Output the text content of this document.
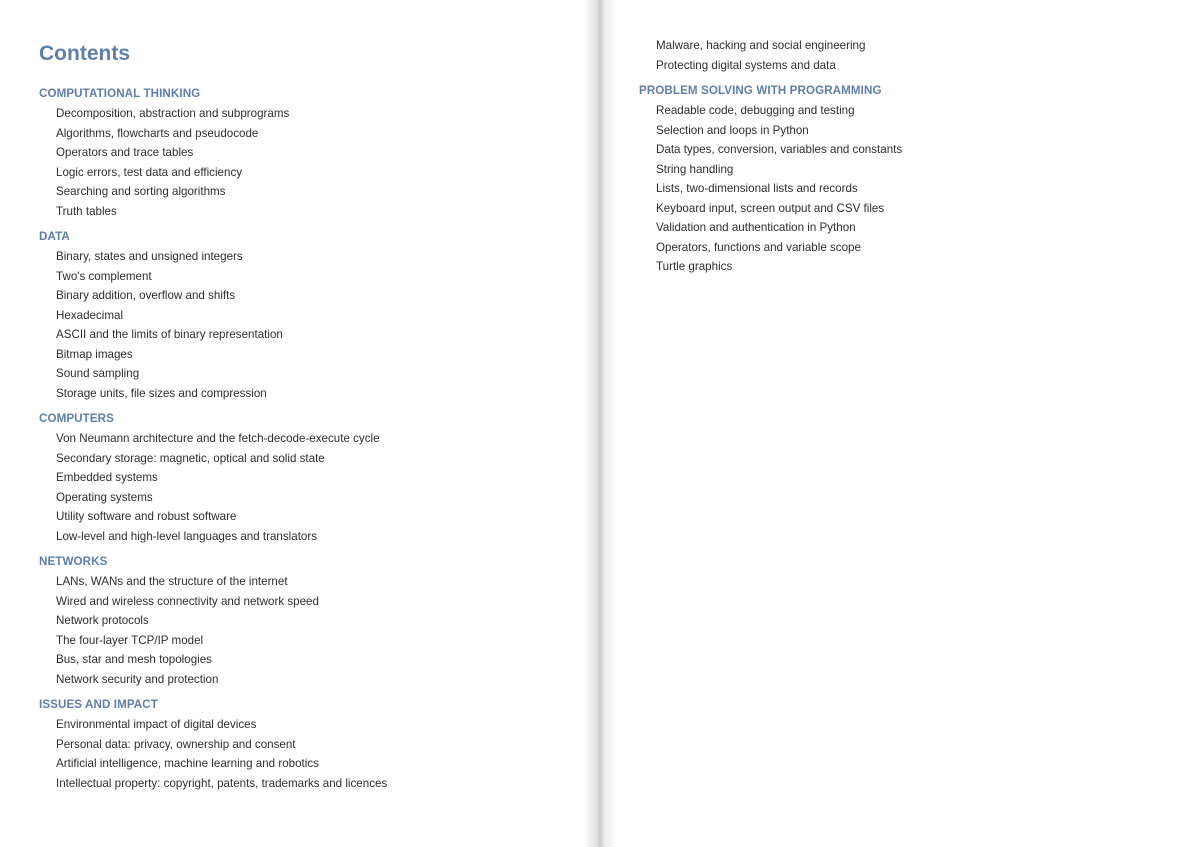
Contents
COMPUTATIONAL THINKING
Decomposition, abstraction and subprograms
Algorithms, flowcharts and pseudocode
Operators and trace tables
Logic errors, test data and efficiency
Searching and sorting algorithms
Truth tables
DATA
Binary, states and unsigned integers
Two's complement
Binary addition, overflow and shifts
Hexadecimal
ASCII and the limits of binary representation
Bitmap images
Sound sampling
Storage units, file sizes and compression
COMPUTERS
Von Neumann architecture and the fetch-decode-execute cycle
Secondary storage: magnetic, optical and solid state
Embedded systems
Operating systems
Utility software and robust software
Low-level and high-level languages and translators
NETWORKS
LANs, WANs and the structure of the internet
Wired and wireless connectivity and network speed
Network protocols
The four-layer TCP/IP model
Bus, star and mesh topologies
Network security and protection
ISSUES AND IMPACT
Environmental impact of digital devices
Personal data: privacy, ownership and consent
Artificial intelligence, machine learning and robotics
Intellectual property: copyright, patents, trademarks and licences
Malware, hacking and social engineering
Protecting digital systems and data
PROBLEM SOLVING WITH PROGRAMMING
Readable code, debugging and testing
Selection and loops in Python
Data types, conversion, variables and constants
String handling
Lists, two-dimensional lists and records
Keyboard input, screen output and CSV files
Validation and authentication in Python
Operators, functions and variable scope
Turtle graphics
